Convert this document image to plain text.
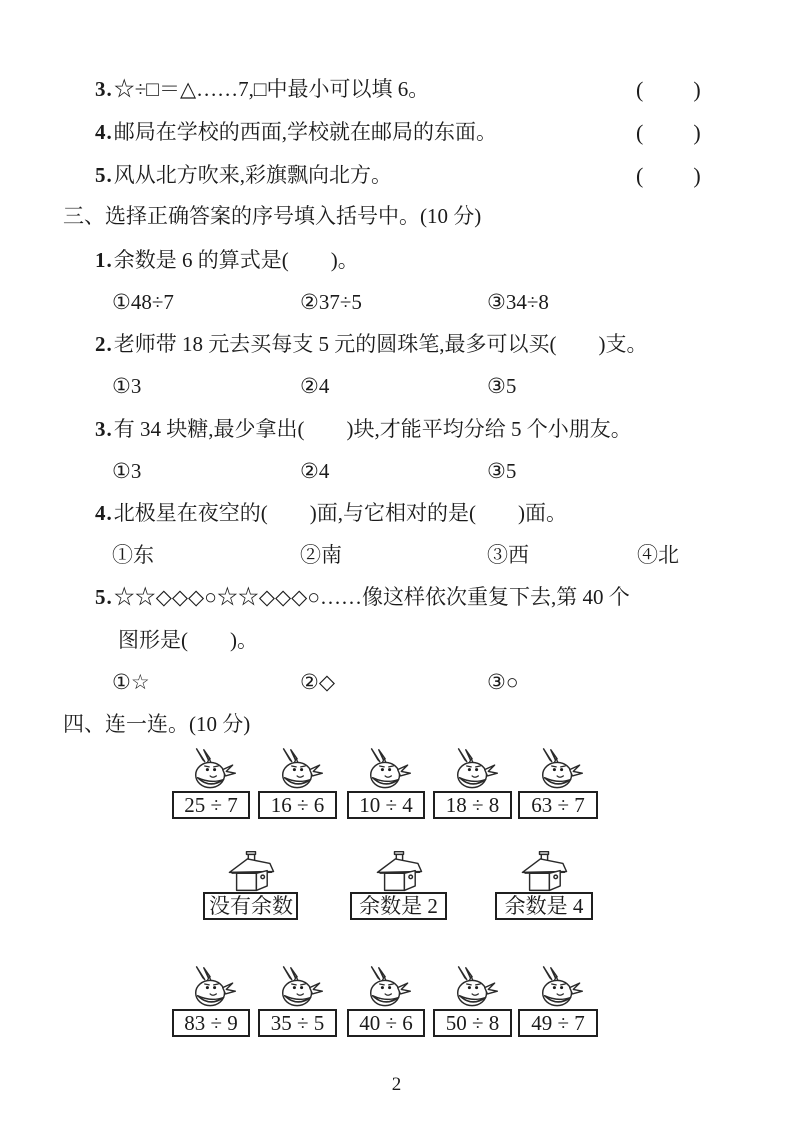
3.☆÷□＝△……7,□中最小可以填 6。	( )
4.邮局在学校的西面,学校就在邮局的东面。	( )
5.风从北方吹来,彩旗飘向北方。	( )
三、选择正确答案的序号填入括号中。(10 分)
1.余数是 6 的算式是(　　)。
①48÷7	②37÷5	③34÷8
2.老师带 18 元去买每支 5 元的圆珠笔,最多可以买(　　)支。
①3	②4	③5
3.有 34 块糖,最少拿出(　　)块,才能平均分给 5 个小朋友。
①3	②4	③5
4.北极星在夜空的(　　)面,与它相对的是(　　)面。
①东	②南	③西	④北
5.☆☆◇◇◇○☆☆◇◇◇○……像这样依次重复下去,第 40 个
图形是(　　)。
①☆	②◇	③○
四、连一连。(10 分)
25 ÷ 7	16 ÷ 6	10 ÷ 4	18 ÷ 8	63 ÷ 7
没有余数	余数是 2	余数是 4
83 ÷ 9	35 ÷ 5	40 ÷ 6	50 ÷ 8	49 ÷ 7
2
